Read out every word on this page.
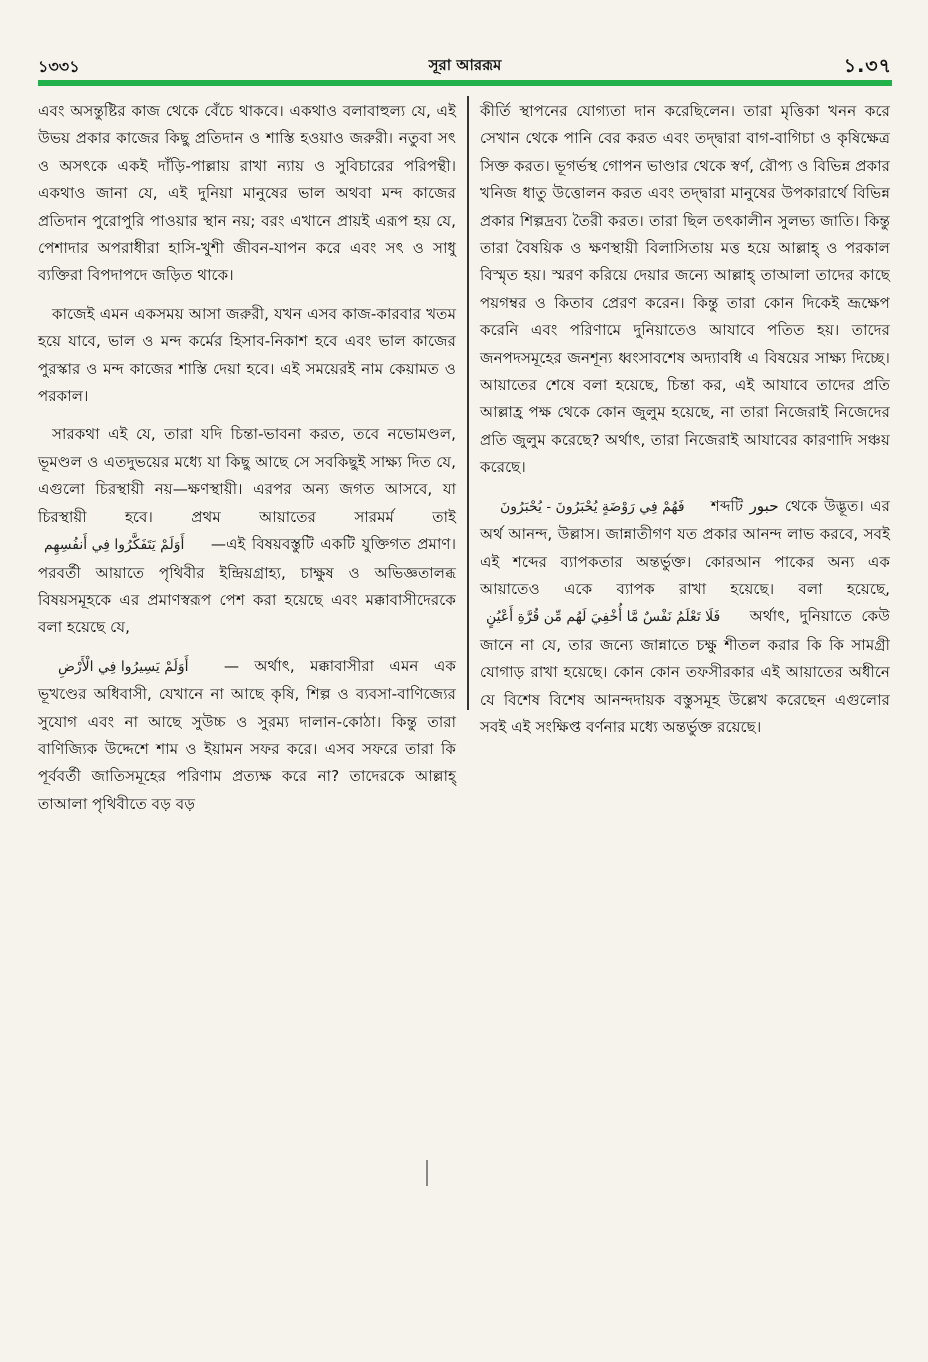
১৩৩১	সূরা আররূম	১.৩৭

এবং অসন্তুষ্টির কাজ থেকে বেঁচে থাকবে। একথাও বলাবাহুল্য যে, এই উভয় প্রকার কাজের কিছু প্রতিদান ও শাস্তি হওয়াও জরুরী। নতুবা সৎ ও অসৎকে একই দাঁড়ি-পাল্লায় রাখা ন্যায় ও সুবিচারের পরিপন্থী। একথাও জানা যে, এই দুনিয়া মানুষের ভাল অথবা মন্দ কাজের প্রতিদান পুরোপুরি পাওয়ার স্থান নয়; বরং এখানে প্রায়ই এরূপ হয় যে, পেশাদার অপরাধীরা হাসি-খুশী জীবন-যাপন করে এবং সৎ ও সাধু ব্যক্তিরা বিপদাপদে জড়িত থাকে।

কাজেই এমন একসময় আসা জরুরী, যখন এসব কাজ-কারবার খতম হয়ে যাবে, ভাল ও মন্দ কর্মের হিসাব-নিকাশ হবে এবং ভাল কাজের পুরস্কার ও মন্দ কাজের শাস্তি দেয়া হবে। এই সময়েরই নাম কেয়ামত ও পরকাল।

সারকথা এই যে, তারা যদি চিন্তা-ভাবনা করত, তবে নভোমণ্ডল, ভূমণ্ডল ও এতদুভয়ের মধ্যে যা কিছু আছে সে সবকিছুই সাক্ষ্য দিত যে, এগুলো চিরস্থায়ী নয়—ক্ষণস্থায়ী। এরপর অন্য জগত আসবে, যা চিরস্থায়ী হবে। প্রথম আয়াতের সারমর্ম তাই أَوَلَمْ يَتَفَكَّرُوا فِي أَنفُسِهِم —এই বিষয়বস্তুটি একটি যুক্তিগত প্রমাণ। পরবর্তী আয়াতে পৃথিবীর ইন্দ্রিয়গ্রাহ্য, চাক্ষুষ ও অভিজ্ঞতালব্ধ বিষয়সমূহকে এর প্রমাণস্বরূপ পেশ করা হয়েছে এবং মক্কাবাসীদেরকে বলা হয়েছে যে,

أَوَلَمْ يَسِيرُوا فِي الْأَرْضِ — অর্থাৎ, মক্কাবাসীরা এমন এক ভূখণ্ডের অধিবাসী, যেখানে না আছে কৃষি, শিল্প ও ব্যবসা-বাণিজ্যের সুযোগ এবং না আছে সুউচ্চ ও সুরম্য দালান-কোঠা। কিন্তু তারা বাণিজ্যিক উদ্দেশে শাম ও ইয়ামন সফর করে। এসব সফরে তারা কি পূর্ববর্তী জাতিসমূহের পরিণাম প্রত্যক্ষ করে না? তাদেরকে আল্লাহ্ তাআলা পৃথিবীতে বড় বড়

কীর্তি স্থাপনের যোগ্যতা দান করেছিলেন। তারা মৃত্তিকা খনন করে সেখান থেকে পানি বের করত এবং তদ্দ্বারা বাগ-বাগিচা ও কৃষিক্ষেত্র সিক্ত করত। ভূগর্ভস্থ গোপন ভাণ্ডার থেকে স্বর্ণ, রৌপ্য ও বিভিন্ন প্রকার খনিজ ধাতু উত্তোলন করত এবং তদ্দ্বারা মানুষের উপকারার্থে বিভিন্ন প্রকার শিল্পদ্রব্য তৈরী করত। তারা ছিল তৎকালীন সুলভ্য জাতি। কিন্তু তারা বৈষয়িক ও ক্ষণস্থায়ী বিলাসিতায় মত্ত হয়ে আল্লাহ্ ও পরকাল বিস্মৃত হয়। স্মরণ করিয়ে দেয়ার জন্যে আল্লাহ্ তাআলা তাদের কাছে পয়গম্বর ও কিতাব প্রেরণ করেন। কিন্তু তারা কোন দিকেই ভ্রূক্ষেপ করেনি এবং পরিণামে দুনিয়াতেও আযাবে পতিত হয়। তাদের জনপদসমূহের জনশূন্য ধ্বংসাবশেষ অদ্যাবধি এ বিষয়ের সাক্ষ্য দিচ্ছে। আয়াতের শেষে বলা হয়েছে, চিন্তা কর, এই আযাবে তাদের প্রতি আল্লাহ্র পক্ষ থেকে কোন জুলুম হয়েছে, না তারা নিজেরাই নিজেদের প্রতি জুলুম করেছে? অর্থাৎ, তারা নিজেরাই আযাবের কারণাদি সঞ্চয় করেছে।

فَهُمْ فِي رَوْضَةٍ يُحْبَرُونَ - يُحْبَرُونَ শব্দটি حبور থেকে উদ্ভূত। এর অর্থ আনন্দ, উল্লাস। জান্নাতীগণ যত প্রকার আনন্দ লাভ করবে, সবই এই শব্দের ব্যাপকতার অন্তর্ভুক্ত। কোরআন পাকের অন্য এক আয়াতেও একে ব্যাপক রাখা হয়েছে। বলা হয়েছে, فَلَا تَعْلَمُ نَفْسٌ مَّا أُخْفِيَ لَهُم مِّن قُرَّةِ أَعْيُنٍ অর্থাৎ, দুনিয়াতে কেউ জানে না যে, তার জন্যে জান্নাতে চক্ষু শীতল করার কি কি সামগ্রী যোগাড় রাখা হয়েছে। কোন কোন তফসীরকার এই আয়াতের অধীনে যে বিশেষ বিশেষ আনন্দদায়ক বস্তুসমূহ উল্লেখ করেছেন এগুলোর সবই এই সংক্ষিপ্ত বর্ণনার মধ্যে অন্তর্ভুক্ত রয়েছে।
